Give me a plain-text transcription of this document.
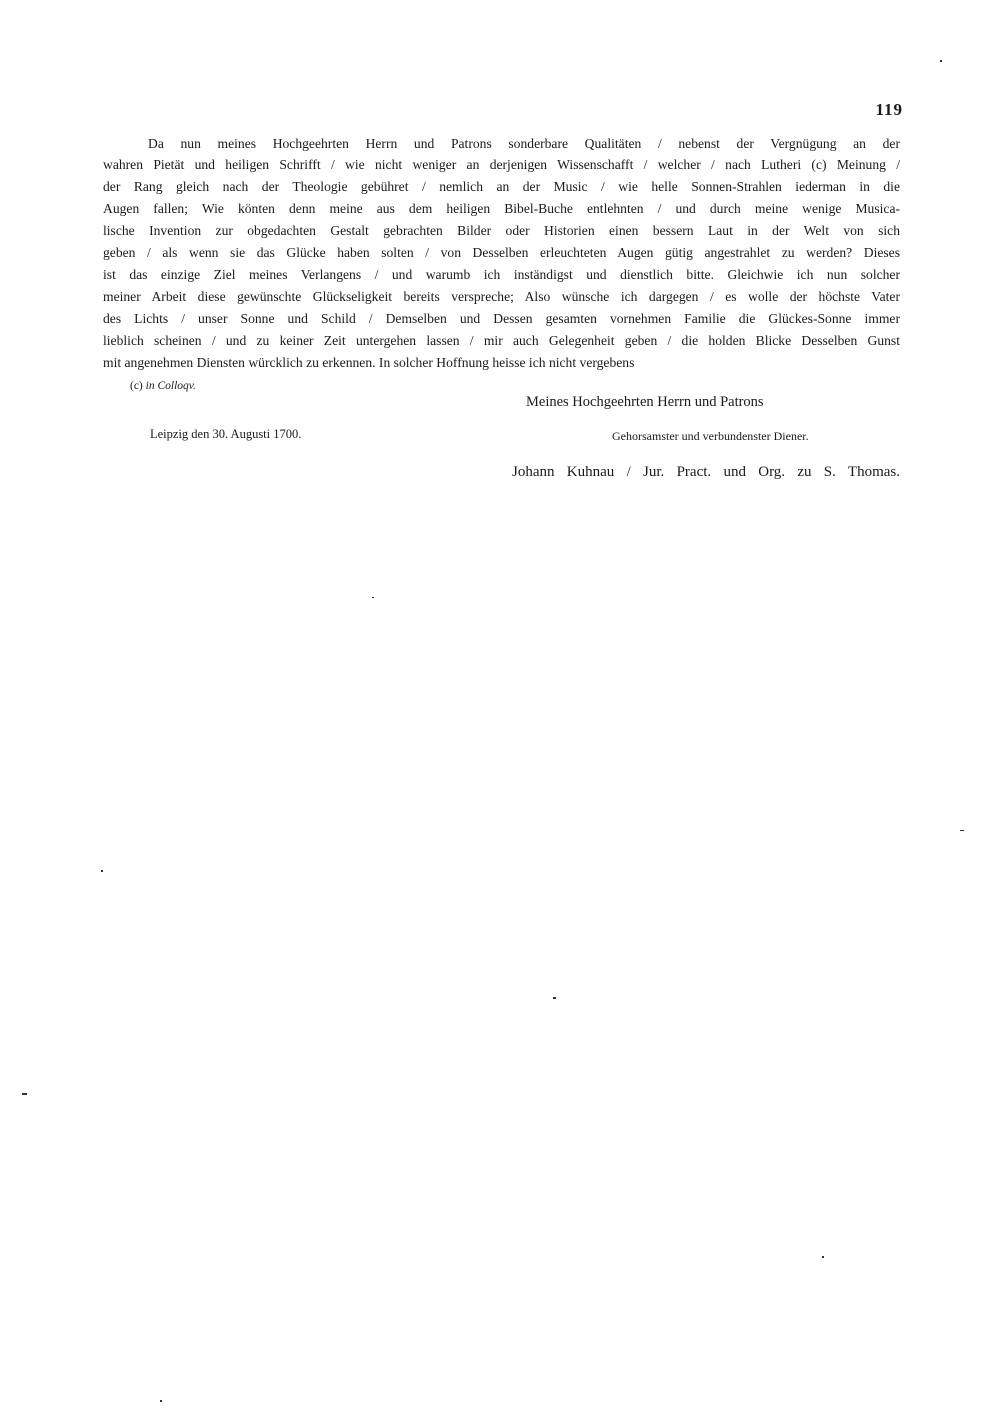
119
Da nun meines Hochgeehrten Herrn und Patrons sonderbare Qualitäten / nebenst der Vergnügung an der
wahren Pietät und heiligen Schrifft / wie nicht weniger an derjenigen Wissenschafft / welcher / nach Lutheri (c) Meinung /
der Rang gleich nach der Theologie gebühret / nemlich an der Music / wie helle Sonnen-Strahlen iederman in die
Augen fallen; Wie könten denn meine aus dem heiligen Bibel-Buche entlehnten / und durch meine wenige Musica-
lische Invention zur obgedachten Gestalt gebrachten Bilder oder Historien einen bessern Laut in der Welt von sich
geben / als wenn sie das Glücke haben solten / von Desselben erleuchteten Augen gütig angestrahlet zu werden? Dieses
ist das einzige Ziel meines Verlangens / und warumb ich inständigst und dienstlich bitte. Gleichwie ich nun solcher
meiner Arbeit diese gewünschte Glückseligkeit bereits verspreche; Also wünsche ich dargegen / es wolle der höchste Vater
des Lichts / unser Sonne und Schild / Demselben und Dessen gesamten vornehmen Familie die Glückes-Sonne immer
lieblich scheinen / und zu keiner Zeit untergehen lassen / mir auch Gelegenheit geben / die holden Blicke Desselben Gunst
mit angenehmen Diensten würcklich zu erkennen. In solcher Hoffnung heisse ich nicht vergebens
(c) in Colloqv.
Meines Hochgeehrten Herrn und Patrons
Leipzig den 30. Augusti 1700.	Gehorsamster und verbundenster Diener.
Johann Kuhnau / Jur. Pract. und Org. zu S. Thomas.
